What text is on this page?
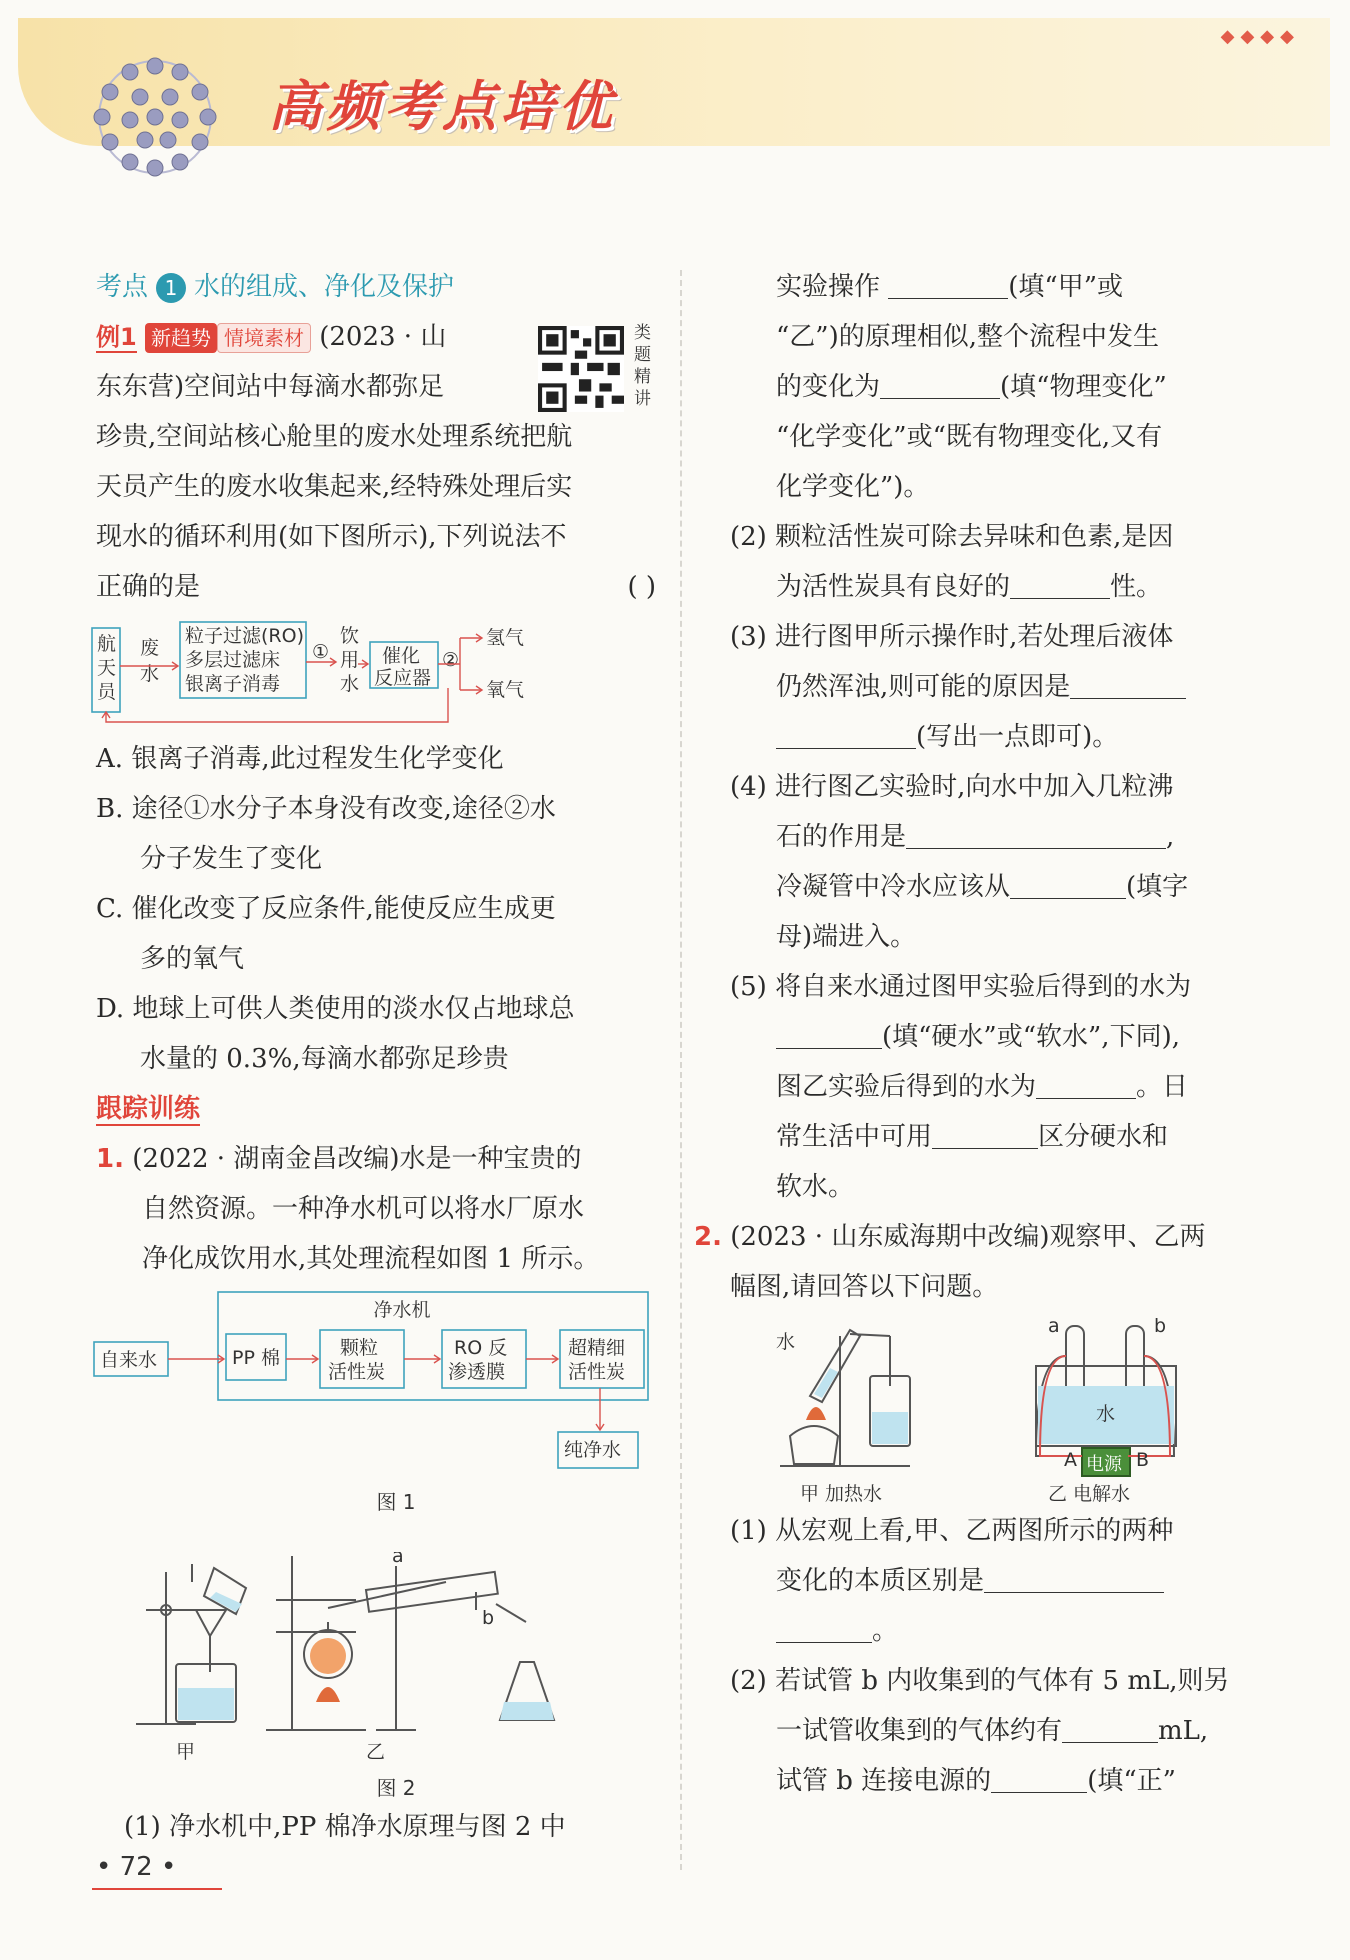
◆◆◆◆
高频考点培优
考点 1 水的组成、净化及保护
例1 新趋势 情境素材 (2023 · 山
东东营)空间站中每滴水都弥足
珍贵,空间站核心舱里的废水处理系统把航
天员产生的废水收集起来,经特殊处理后实
现水的循环利用(如下图所示),下列说法不
正确的是	( )
航
天
员
废
水
粒子过滤(RO)
多层过滤床
银离子消毒
①
饮
用
水
催化
反应器
②
氢气
氧气
A. 银离子消毒,此过程发生化学变化
B. 途径①水分子本身没有改变,途径②水
分子发生了变化
C. 催化改变了反应条件,能使反应生成更
多的氧气
D. 地球上可供人类使用的淡水仅占地球总
水量的 0.3%,每滴水都弥足珍贵
跟踪训练
1. (2022 · 湖南金昌改编)水是一种宝贵的
自然资源。一种净水机可以将水厂原水
净化成饮用水,其处理流程如图 1 所示。
净水机
自来水	PP 棉	颗粒
活性炭
RO 反
渗透膜
超精细
活性炭
纯净水
图 1
a
b
甲	乙
图 2
(1) 净水机中,PP 棉净水原理与图 2 中
类
题
精
讲
实验操作	(填“甲”或
“乙”)的原理相似,整个流程中发生
的变化为	(填“物理变化”
“化学变化”或“既有物理变化,又有
化学变化”)。
(2) 颗粒活性炭可除去异味和色素,是因
为活性炭具有良好的	性。
(3) 进行图甲所示操作时,若处理后液体
仍然浑浊,则可能的原因是
(写出一点即可)。
(4) 进行图乙实验时,向水中加入几粒沸
石的作用是	,
冷凝管中冷水应该从	(填字
母)端进入。
(5) 将自来水通过图甲实验后得到的水为
(填“硬水”或“软水”,下同),
图乙实验后得到的水为	。日
常生活中可用	区分硬水和
软水。
2. (2023 · 山东威海期中改编)观察甲、乙两
幅图,请回答以下问题。
水
a	b
水
A	B
电源
甲 加热水	乙 电解水
(1) 从宏观上看,甲、乙两图所示的两种
变化的本质区别是
。
(2) 若试管 b 内收集到的气体有 5 mL,则另
一试管收集到的气体约有	mL,
试管 b 连接电源的	(填“正”
• 72 •
